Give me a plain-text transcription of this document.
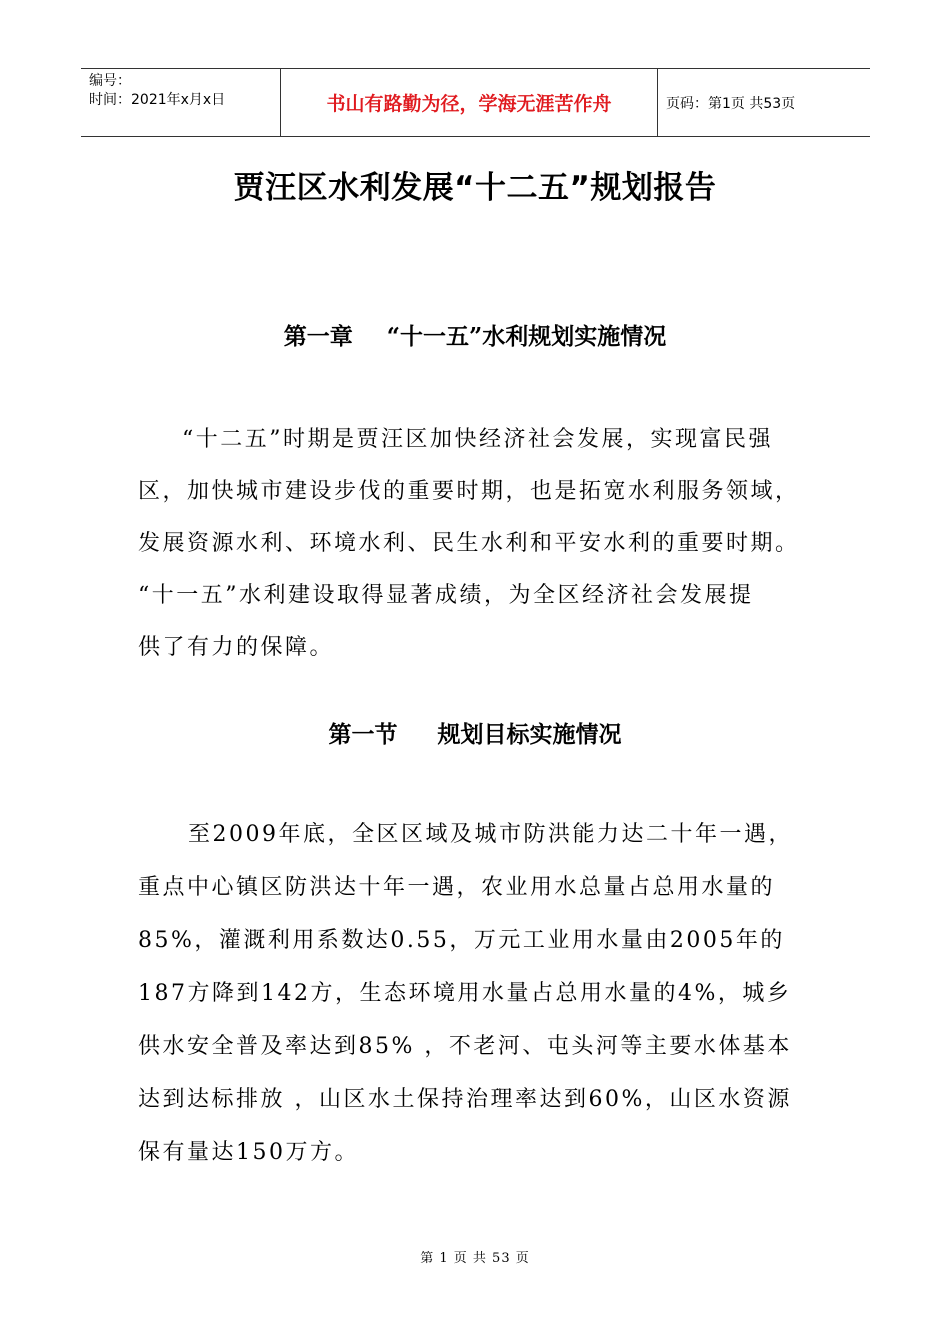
编号：
时间：2021年x月x日	书山有路勤为径，学海无涯苦作舟	页码：第1页 共53页
贾汪区水利发展“十二五”规划报告
第一章 “十一五”水利规划实施情况
“十二五”时期是贾汪区加快经济社会发展，实现富民强
区，加快城市建设步伐的重要时期，也是拓宽水利服务领域，
发展资源水利、环境水利、民生水利和平安水利的重要时期。
“十一五”水利建设取得显著成绩，为全区经济社会发展提
供了有力的保障。
第一节 规划目标实施情况
至2009年底，全区区域及城市防洪能力达二十年一遇，
重点中心镇区防洪达十年一遇，农业用水总量占总用水量的
85%，灌溉利用系数达0.55，万元工业用水量由2005年的
187方降到142方，生态环境用水量占总用水量的4%，城乡
供水安全普及率达到85% ，不老河、屯头河等主要水体基本
达到达标排放 ，山区水土保持治理率达到60%，山区水资源
保有量达150万方。
第 1 页 共 53 页
